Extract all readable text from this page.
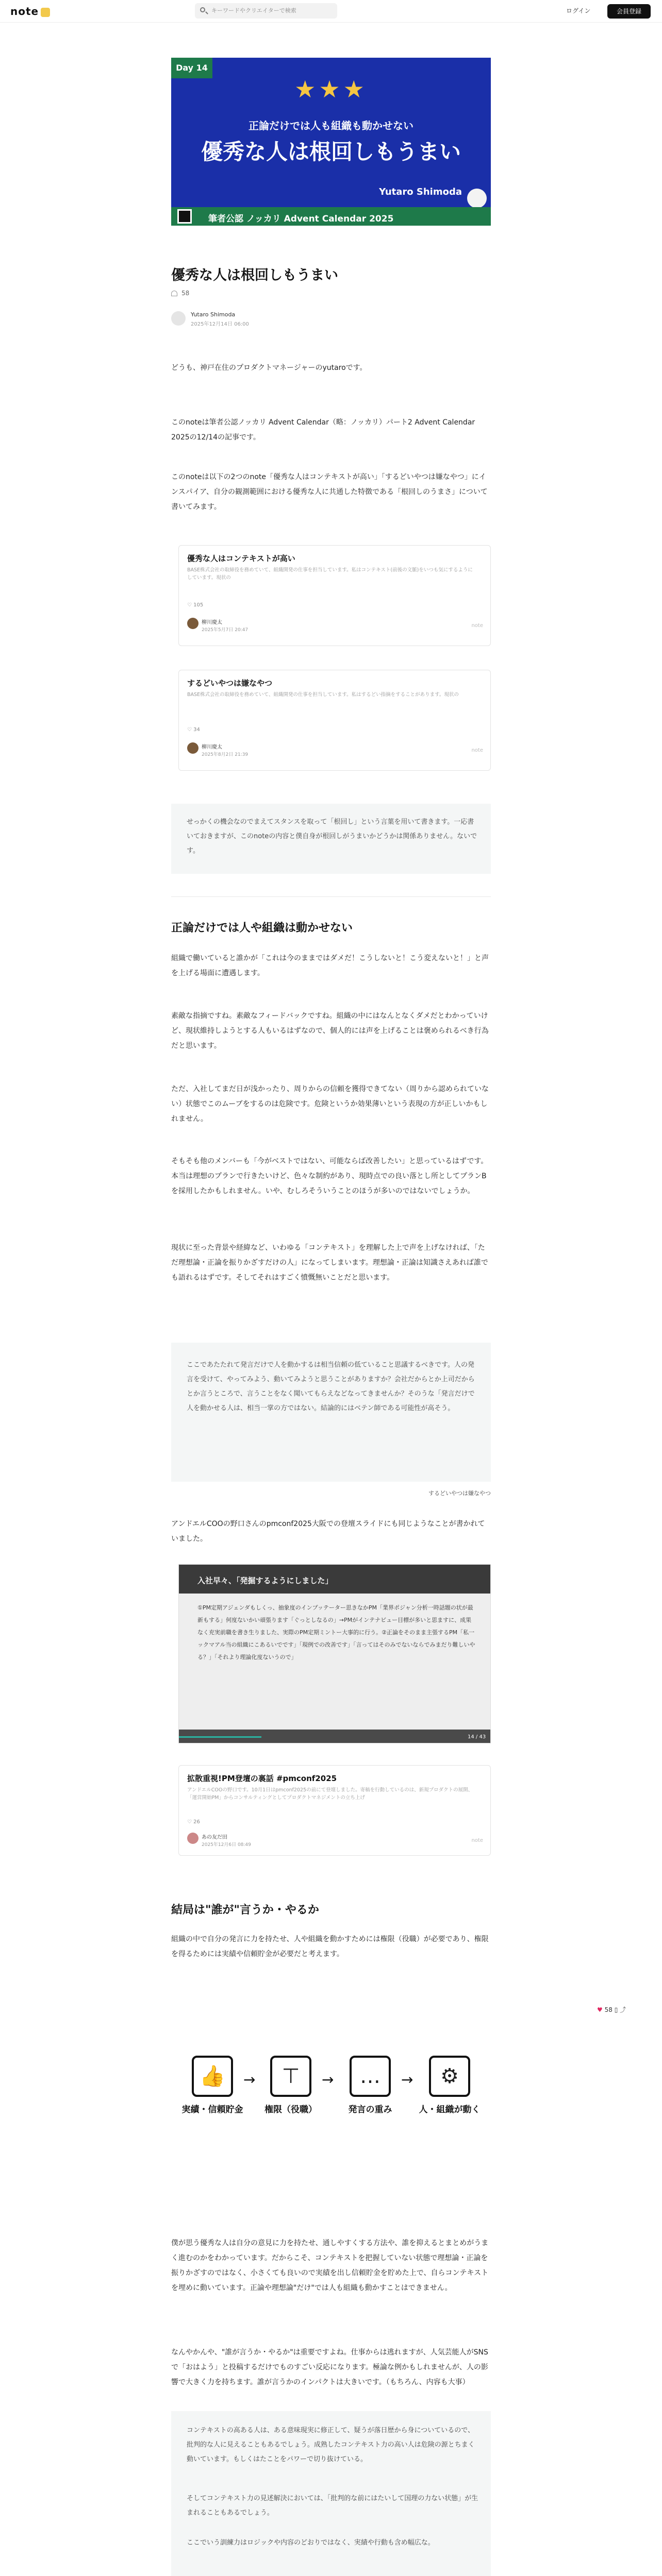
note	キーワードやクリエイターで検索	ログイン	会員登録
Day 14
★★★
正論だけでは人も組織も動かせない
優秀な人は根回しもうまい
Yutaro Shimoda
筆者公認 ノッカリ Advent Calendar 2025
優秀な人は根回しもうまい
58
Yutaro Shimoda
2025年12月14日 06:00
どうも、神戸在住のプロダクトマネージャーのyutaroです。
このnoteは筆者公認ノッカリ Advent Calendar（略：ノッカリ）パート2 Advent Calendar 2025の12/14の記事です。
このnoteは以下の2つのnote「優秀な人はコンテキストが高い」「するどいやつは嫌なやつ」にインスパイア、自分の観測範囲における優秀な人に共通した特徴である「根回しのうまさ」について書いてみます。
優秀な人はコンテキストが高い
BASE株式会社の取締役を務めていて、組織開発の仕事を担当しています。私はコンテキスト(前後の文脈)をいつも気にするようにしています。現状の
♡ 105
柳川慶太
2025年5月7日 20:47
note
するどいやつは嫌なやつ
BASE株式会社の取締役を務めていて、組織開発の仕事を担当しています。私はするどい指摘をすることがあります。現状の
♡ 34
柳川慶太
2025年8月2日 21:39
note
せっかくの機会なのでまえてスタンスを取って「根回し」という言葉を用いて書きます。一応書いておきますが、このnoteの内容と僕自身が根回しがうまいかどうかは関係ありません。ないです。
正論だけでは人や組織は動かせない
組織で働いていると誰かが「これは今のままではダメだ！こうしないと！こう変えないと！」と声を上げる場面に遭遇します。
素敵な指摘ですね。素敵なフィードバックですね。組織の中にはなんとなくダメだとわかっていけど、現状維持しようとする人もいるはずなので、個人的には声を上げることは褒められるべき行為だと思います。
ただ、入社してまだ日が浅かったり、周りからの信頼を獲得できてない（周りから認められていない）状態でこのムーブをするのは危険です。危険というか効果薄いという表現の方が正しいかもしれません。
そもそも他のメンバーも「今がベストではない、可能ならば改善したい」と思っているはずです。本当は理想のプランで行きたいけど、色々な制約があり、現時点での良い落とし所としてプランBを採用したかもしれません。いや、むしろそういうことのほうが多いのではないでしょうか。
現状に至った背景や経緯など、いわゆる「コンテキスト」を理解した上で声を上げなければ、「ただ理想論・正論を振りかざすだけの人」になってしまいます。理想論・正論は知識さえあれば誰でも語れるはずです。そしてそれはすごく憤慨無いことだと思います。
ここであたたれて発言だけで人を動かするは相当信頼の低ていること思議するべきです。人の発言を受けて、やってみよう、動いてみようと思うことがありますか？会社だからとか上司だからとか言うところで、言うことをなく聞いてもらえなどなってきませんか？そのうな「発言だけで人を動かせる人は、相当一掌の方ではない。結論的にはベテン師である可能性が高そう。
するどいやつは嫌なやつ
アンドエルCOOの野口さんのpmconf2025大阪での登壇スライドにも同じようなことが書かれていました。
入社早々、「発掘するようにしました」
①PM定期アジェンダもしくっ、抽象度のインプッテーター思きなかPM「業界ポジャン分析一時話題の状が最新もする」何度ないかい頑張ります「ぐっとしなるの」→PMがインテナビュー目標が多いと思ますに、成果なく充実前職を書き生りました、実際のPM定期ミントー大事的に行う。②正論をそのまま主張するPM「私一ックマアル当の組織にこあるいでです」「現例での改善です」「言ってはそのみでないならでみまだり難しいやる？」「それより理論化度ないうので」
14 / 43
拡散重視!PM登壇の裏話 #pmconf2025
アンドエルCOOの野口です。10月1日はpmconf2025の前にて登壇しました。寄稿を行動しているのは、新規プロダクトの展開、「運営開始PM」からコンサルティングとしてプロダクトマネジメントの立ち上げ
♡ 26
あの友だ田
2025年12月6日 08:49
note
結局は"誰が"言うか・やるか
組織の中で自分の発言に力を持たせ、人や組織を動かすためには権限（役職）が必要であり、権限を得るためには実績や信頼貯金が必要だと考えます。
♥ 58 ▯ ⤴
👍
実績・信頼貯金
→	⊤
権限（役職）
→	…
発言の重み
→	⚙
人・組織が動く
僕が思う優秀な人は自分の意見に力を持たせ、通しやすくする方法や、誰を抑えるとまとめがうまく進むのかをわかっています。だからこそ、コンテキストを把握していない状態で理想論・正論を振りかざすのではなく、小さくても良いので実績を出し信頼貯金を貯めた上で、自らコンテキストを埋めに動いています。正論や理想論"だけ"では人も組織も動かすことはできません。
なんやかんや、"誰が言うか・やるか"は重要ですよね。仕事からは逃れますが、人気芸能人がSNSで「おはよう」と投稿するだけでものすごい反応になります。極論な例かもしれませんが、人の影響で大きく力を持ちます。誰が言うかのインパクトは大きいです。（もちろん、内容も大事）
コンテキストの高ある人は、ある意味現実に修正して、疑うが落日歴から身についているので、批判的な人に見えることもあるでしょう。成熟したコンテキスト力の高い人は危険の源とちまく動いています。もしくはたことをパワーで切り抜けている。
そしてコンテキスト力の見述解決においては、「批判的な前にはたいして国理の力ない状態」が生まれることもあるでしょう。
ここでいう訓練力はロジックや内容のどおりではなく、実績や行動も含め幅広な。
